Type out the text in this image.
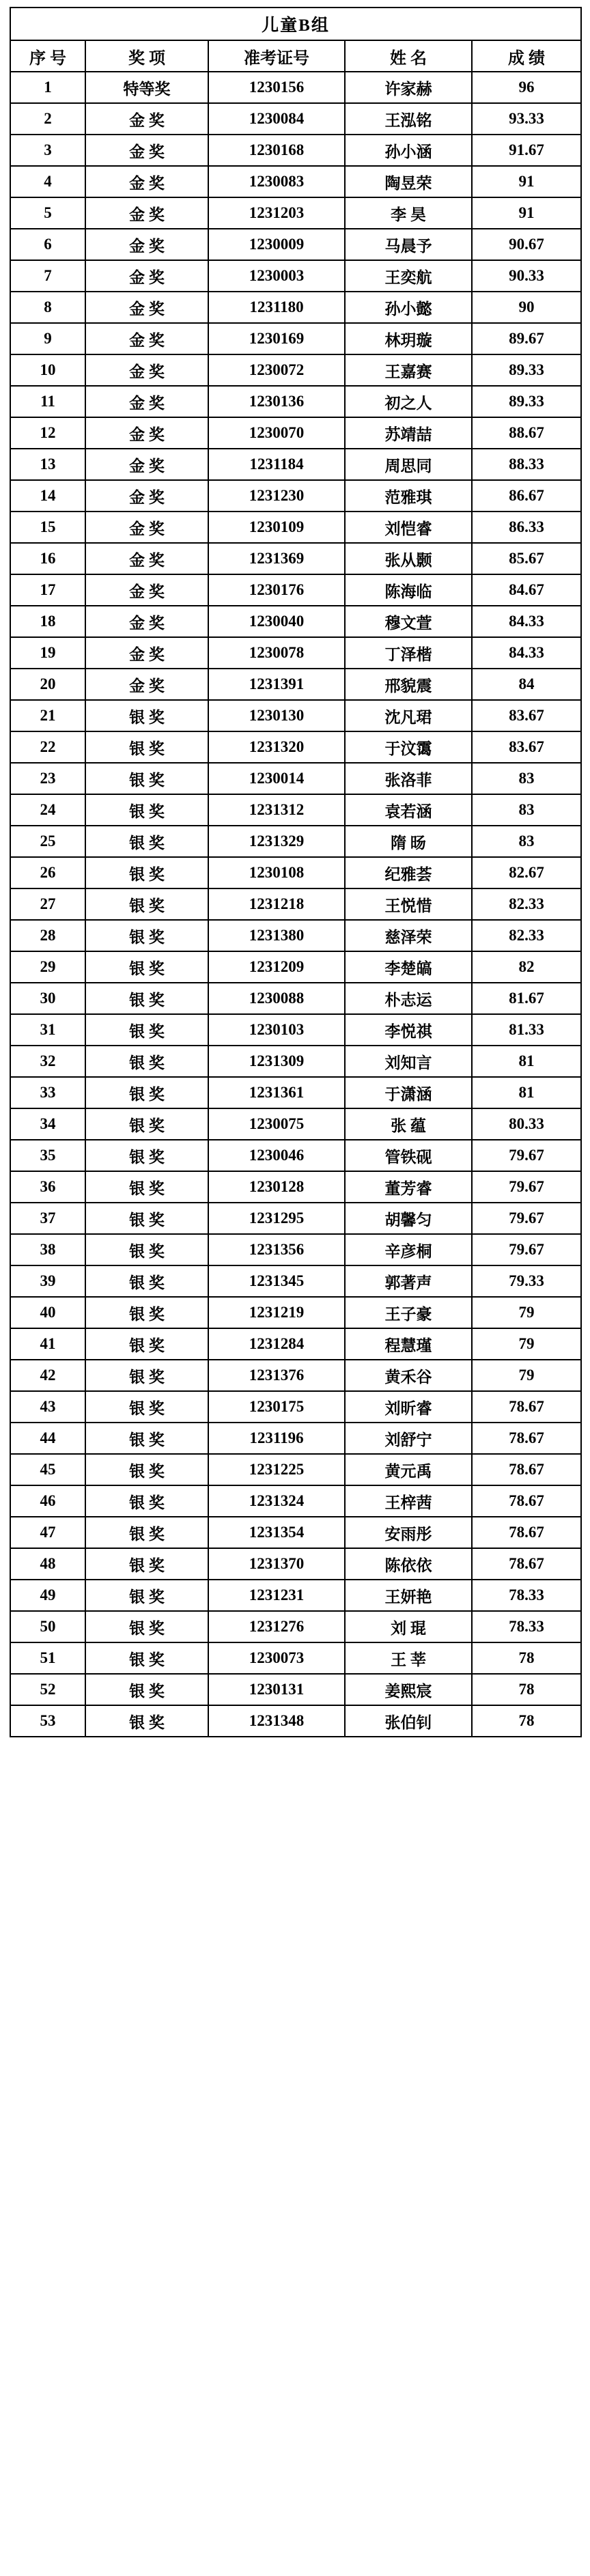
儿童B组				
序 号	奖 项	准考证号	姓 名	成 绩
1	特等奖	1230156	许家赫	96
2	金 奖	1230084	王泓铭	93.33
3	金 奖	1230168	孙小涵	91.67
4	金 奖	1230083	陶昱荣	91
5	金 奖	1231203	李 昊	91
6	金 奖	1230009	马晨予	90.67
7	金 奖	1230003	王奕航	90.33
8	金 奖	1231180	孙小懿	90
9	金 奖	1230169	林玥璇	89.67
10	金 奖	1230072	王嘉赛	89.33
11	金 奖	1230136	初之人	89.33
12	金 奖	1230070	苏靖喆	88.67
13	金 奖	1231184	周思同	88.33
14	金 奖	1231230	范雅琪	86.67
15	金 奖	1230109	刘恺睿	86.33
16	金 奖	1231369	张从颢	85.67
17	金 奖	1230176	陈海临	84.67
18	金 奖	1230040	穆文萱	84.33
19	金 奖	1230078	丁泽楷	84.33
20	金 奖	1231391	邢貌震	84
21	银 奖	1230130	沈凡珺	83.67
22	银 奖	1231320	于汶霭	83.67
23	银 奖	1230014	张洛菲	83
24	银 奖	1231312	袁若涵	83
25	银 奖	1231329	隋 旸	83
26	银 奖	1230108	纪雅荟	82.67
27	银 奖	1231218	王悦惜	82.33
28	银 奖	1231380	慈泽荣	82.33
29	银 奖	1231209	李楚皜	82
30	银 奖	1230088	朴志运	81.67
31	银 奖	1230103	李悦祺	81.33
32	银 奖	1231309	刘知言	81
33	银 奖	1231361	于潇涵	81
34	银 奖	1230075	张 蕴	80.33
35	银 奖	1230046	管铁砚	79.67
36	银 奖	1230128	董芳睿	79.67
37	银 奖	1231295	胡馨匀	79.67
38	银 奖	1231356	辛彦桐	79.67
39	银 奖	1231345	郭著声	79.33
40	银 奖	1231219	王子豪	79
41	银 奖	1231284	程慧瑾	79
42	银 奖	1231376	黄禾谷	79
43	银 奖	1230175	刘昕睿	78.67
44	银 奖	1231196	刘舒宁	78.67
45	银 奖	1231225	黄元禹	78.67
46	银 奖	1231324	王梓茜	78.67
47	银 奖	1231354	安雨彤	78.67
48	银 奖	1231370	陈依依	78.67
49	银 奖	1231231	王妍艳	78.33
50	银 奖	1231276	刘 琨	78.33
51	银 奖	1230073	王 莘	78
52	银 奖	1230131	姜熙宸	78
53	银 奖	1231348	张伯钊	78
